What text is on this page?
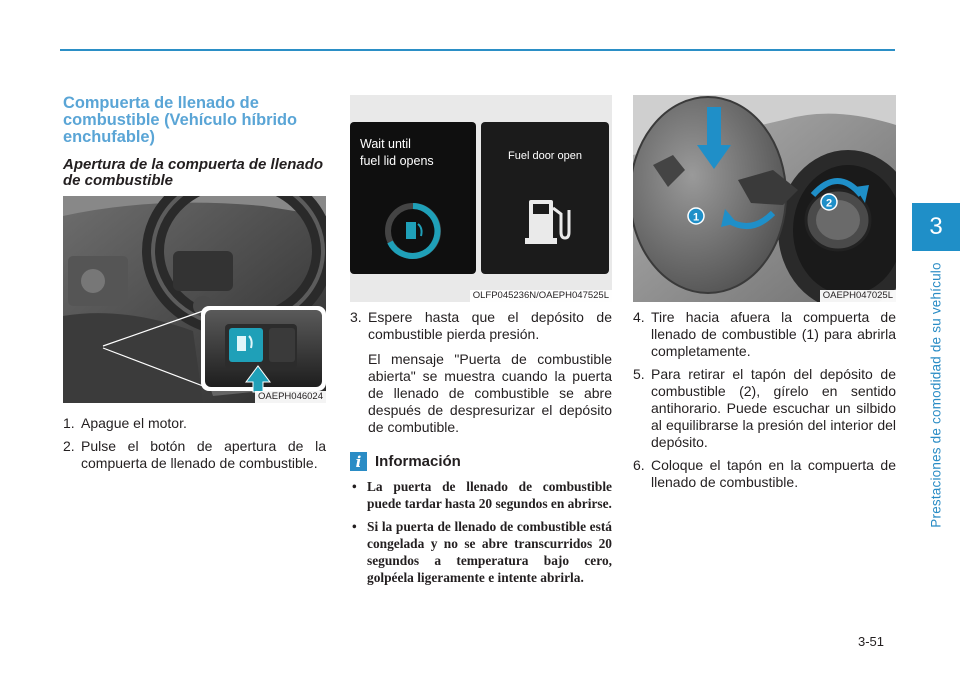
3
Prestaciones de comodidad de su vehículo
3-51
Compuerta de llenado de combustible (Vehículo híbrido enchufable)
Apertura de la compuerta de llenado de combustible
OAEPH046024
Wait until
fuel lid opens	Fuel door open
OLFP045236N/OAEPH047525L
1
2
OAEPH047025L
1. Apague el motor.

2. Pulse el botón de apertura de la compuerta de llenado de combustible.

3. Espere hasta que el depósito de combustible pierda presión.

El mensaje "Puerta de combustible abierta" se muestra cuando la puerta de llenado de combustible se abre después de despresurizar el depósito de combutible.

i Información
• La puerta de llenado de combustible puede tardar hasta 20 segundos en abrirse.
• Si la puerta de llenado de combustible está congelada y no se abre transcurridos 20 segundos a temperatura bajo cero, golpéela ligeramente e intente abrirla.
4. Tire hacia afuera la compuerta de llenado de combustible (1) para abrirla completamente.

5. Para retirar el tapón del depósito de combustible (2), gírelo en sentido antihorario. Puede escuchar un silbido al equilibrarse la presión del interior del depósito.

6. Coloque el tapón en la compuerta de llenado de combustible.
